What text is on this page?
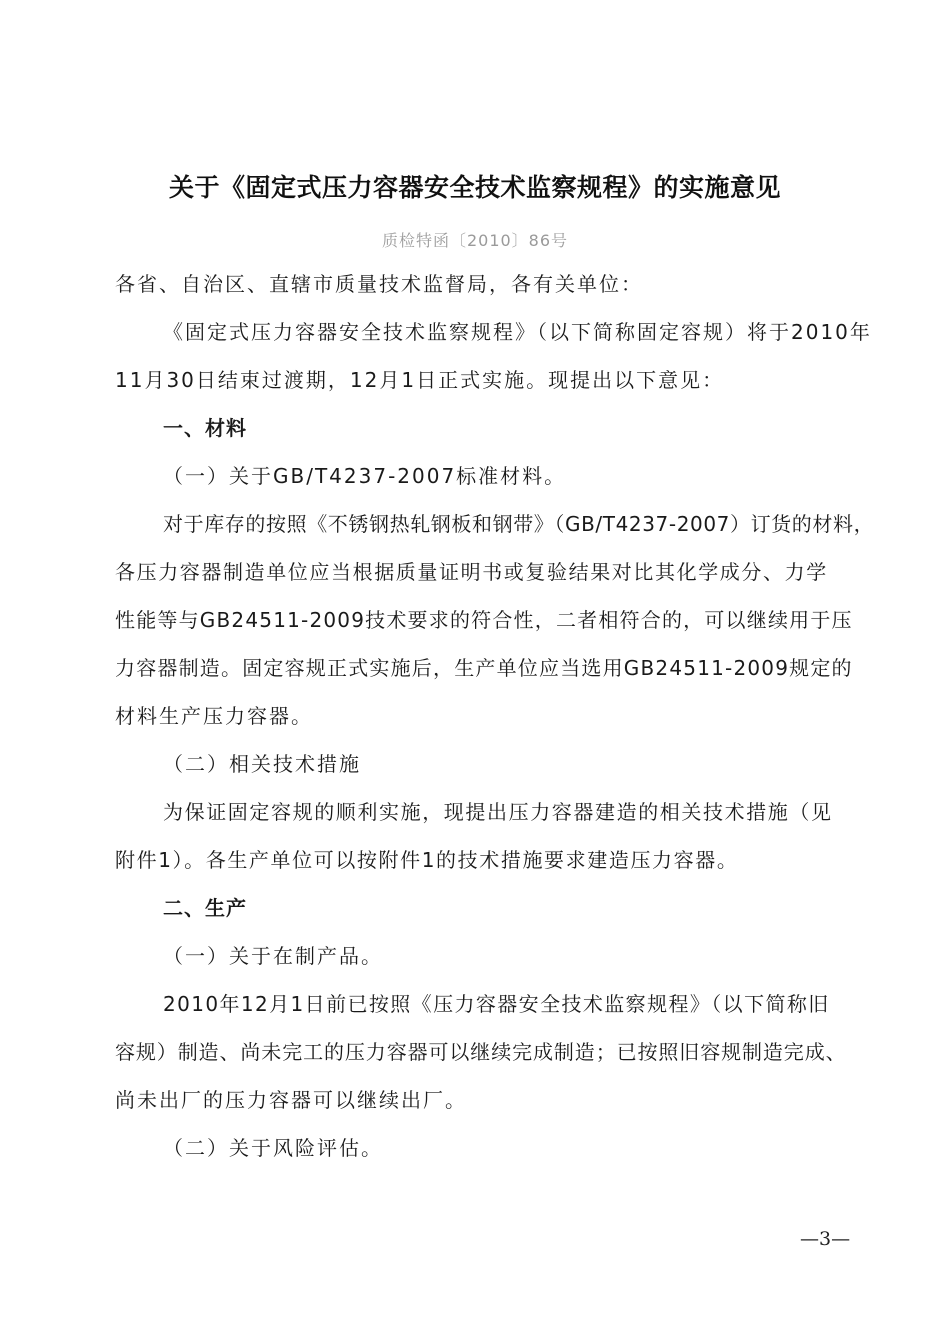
关于《固定式压力容器安全技术监察规程》的实施意见
质检特函〔2010〕86号
各省、自治区、直辖市质量技术监督局，各有关单位：
《固定式压力容器安全技术监察规程》（以下简称固定容规）将于2010年
11月30日结束过渡期，12月1日正式实施。现提出以下意见：
一、材料
（一）关于GB/T4237-2007标准材料。
对于库存的按照《不锈钢热轧钢板和钢带》（GB/T4237-2007）订货的材料，
各压力容器制造单位应当根据质量证明书或复验结果对比其化学成分、力学
性能等与GB24511-2009技术要求的符合性，二者相符合的，可以继续用于压
力容器制造。固定容规正式实施后，生产单位应当选用GB24511-2009规定的
材料生产压力容器。
（二）相关技术措施
为保证固定容规的顺利实施，现提出压力容器建造的相关技术措施（见
附件1）。各生产单位可以按附件1的技术措施要求建造压力容器。
二、生产
（一）关于在制产品。
2010年12月1日前已按照《压力容器安全技术监察规程》（以下简称旧
容规）制造、尚未完工的压力容器可以继续完成制造；已按照旧容规制造完成、
尚未出厂的压力容器可以继续出厂。
（二）关于风险评估。
—3—
